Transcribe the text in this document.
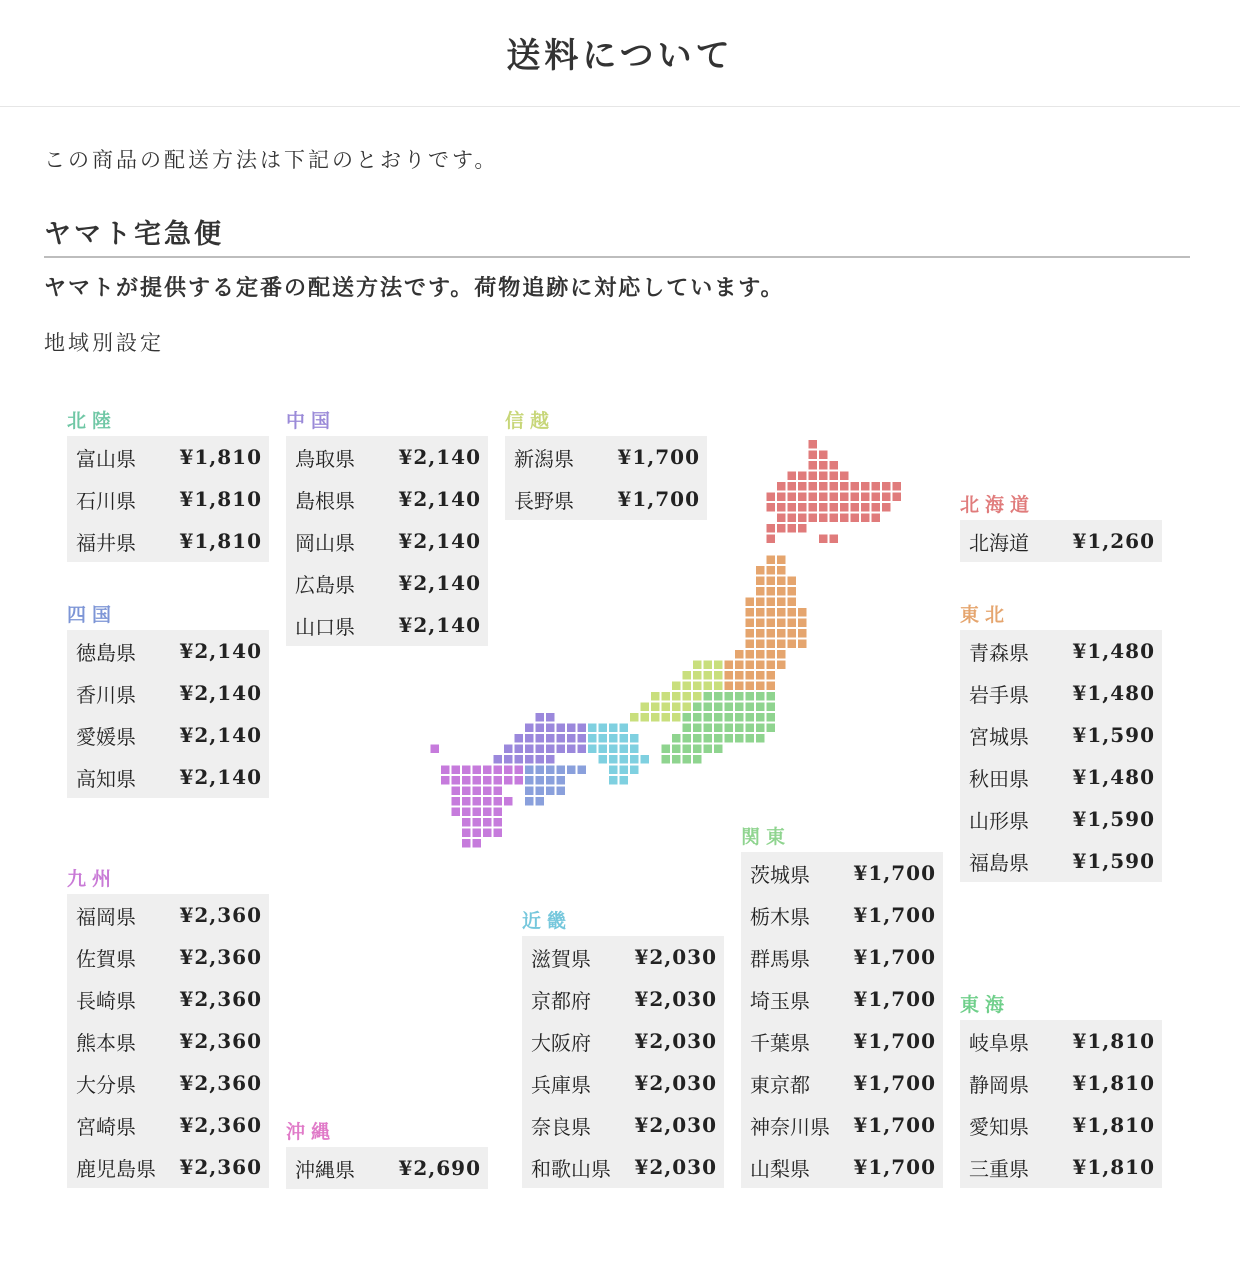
送料について
この商品の配送方法は下記のとおりです。
ヤマト宅急便
ヤマトが提供する定番の配送方法です。荷物追跡に対応しています。
地域別設定
北陸
富山県 ¥1,810
石川県 ¥1,810
福井県 ¥1,810
四国
徳島県 ¥2,140
香川県 ¥2,140
愛媛県 ¥2,140
高知県 ¥2,140
九州
福岡県 ¥2,360
佐賀県 ¥2,360
長崎県 ¥2,360
熊本県 ¥2,360
大分県 ¥2,360
宮崎県 ¥2,360
鹿児島県 ¥2,360
中国
鳥取県 ¥2,140
島根県 ¥2,140
岡山県 ¥2,140
広島県 ¥2,140
山口県 ¥2,140
沖縄
沖縄県 ¥2,690
信越
新潟県 ¥1,700
長野県 ¥1,700
近畿
滋賀県 ¥2,030
京都府 ¥2,030
大阪府 ¥2,030
兵庫県 ¥2,030
奈良県 ¥2,030
和歌山県 ¥2,030
関東
茨城県 ¥1,700
栃木県 ¥1,700
群馬県 ¥1,700
埼玉県 ¥1,700
千葉県 ¥1,700
東京都 ¥1,700
神奈川県 ¥1,700
山梨県 ¥1,700
北海道
北海道 ¥1,260
東北
青森県 ¥1,480
岩手県 ¥1,480
宮城県 ¥1,590
秋田県 ¥1,480
山形県 ¥1,590
福島県 ¥1,590
東海
岐阜県 ¥1,810
静岡県 ¥1,810
愛知県 ¥1,810
三重県 ¥1,810
